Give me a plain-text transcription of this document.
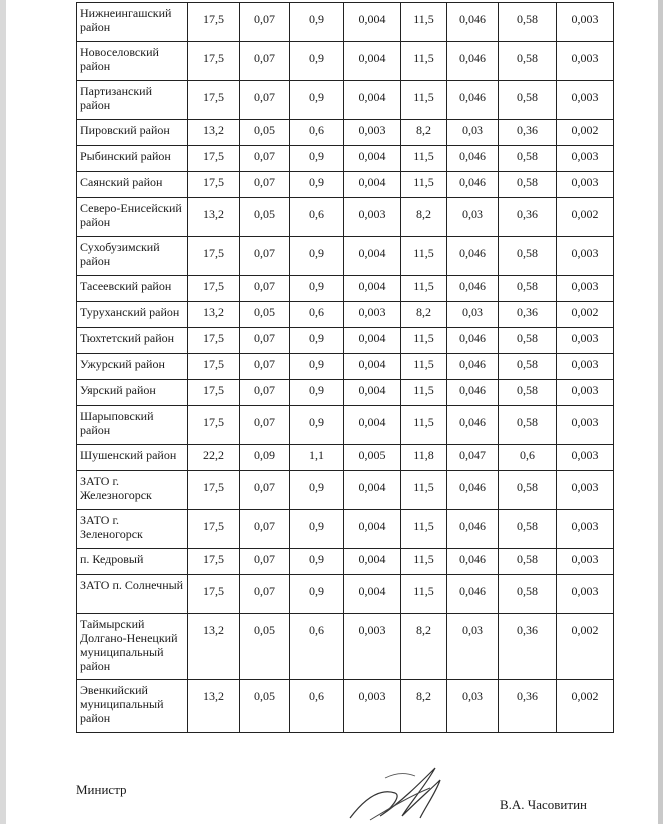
Нижнеингашский район	17,5	0,07	0,9	0,004	11,5	0,046	0,58	0,003

Новоселовский район	17,5	0,07	0,9	0,004	11,5	0,046	0,58	0,003

Партизанский район	17,5	0,07	0,9	0,004	11,5	0,046	0,58	0,003

Пировский район	13,2	0,05	0,6	0,003	8,2	0,03	0,36	0,002

Рыбинский район	17,5	0,07	0,9	0,004	11,5	0,046	0,58	0,003

Саянский район	17,5	0,07	0,9	0,004	11,5	0,046	0,58	0,003

Северо-Енисейский район	13,2	0,05	0,6	0,003	8,2	0,03	0,36	0,002

Сухобузимский район	17,5	0,07	0,9	0,004	11,5	0,046	0,58	0,003

Тасеевский район	17,5	0,07	0,9	0,004	11,5	0,046	0,58	0,003

Туруханский район	13,2	0,05	0,6	0,003	8,2	0,03	0,36	0,002

Тюхтетский район	17,5	0,07	0,9	0,004	11,5	0,046	0,58	0,003

Ужурский район	17,5	0,07	0,9	0,004	11,5	0,046	0,58	0,003

Уярский район	17,5	0,07	0,9	0,004	11,5	0,046	0,58	0,003

Шарыповский район	17,5	0,07	0,9	0,004	11,5	0,046	0,58	0,003

Шушенский район	22,2	0,09	1,1	0,005	11,8	0,047	0,6	0,003

ЗАТО г. Железногорск	17,5	0,07	0,9	0,004	11,5	0,046	0,58	0,003

ЗАТО г. Зеленогорск	17,5	0,07	0,9	0,004	11,5	0,046	0,58	0,003

п. Кедровый	17,5	0,07	0,9	0,004	11,5	0,046	0,58	0,003

ЗАТО п. Солнечный	17,5	0,07	0,9	0,004	11,5	0,046	0,58	0,003

Таймырский Долгано-Ненецкий муниципальный район	13,2	0,05	0,6	0,003	8,2	0,03	0,36	0,002

Эвенкийский муниципальный район	13,2	0,05	0,6	0,003	8,2	0,03	0,36	0,002
Министр
В.А. Часовитин
